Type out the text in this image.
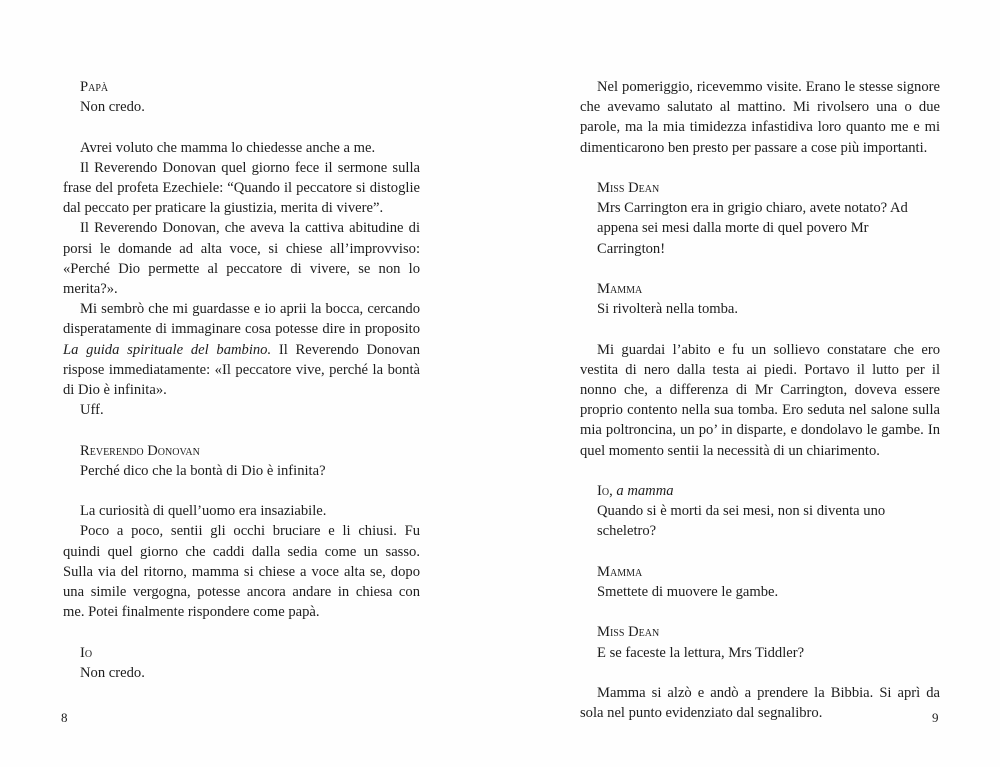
Papà

Non credo.

Avrei voluto che mamma lo chiedesse anche a me.

Il Reverendo Donovan quel giorno fece il sermone sulla frase del profeta Ezechiele: “Quando il peccatore si distoglie dal peccato per praticare la giustizia, merita di vivere”.

Il Reverendo Donovan, che aveva la cattiva abitudine di porsi le domande ad alta voce, si chiese all’improvviso: «Perché Dio permette al peccatore di vivere, se non lo merita?».

Mi sembrò che mi guardasse e io aprii la bocca, cercando disperatamente di immaginare cosa potesse dire in proposito La guida spirituale del bambino. Il Reverendo Donovan rispose immediatamente: «Il peccatore vive, perché la bontà di Dio è infinita».

Uff.

Reverendo Donovan

Perché dico che la bontà di Dio è infinita?

La curiosità di quell’uomo era insaziabile.

Poco a poco, sentii gli occhi bruciare e li chiusi. Fu quindi quel giorno che caddi dalla sedia come un sasso. Sulla via del ritorno, mamma si chiese a voce alta se, dopo una simile vergogna, potesse ancora andare in chiesa con me. Potei finalmente rispondere come papà.

Io

Non credo.

Nel pomeriggio, ricevemmo visite. Erano le stesse signore che avevamo salutato al mattino. Mi rivolsero una o due parole, ma la mia timidezza infastidiva loro quanto me e mi dimenticarono ben presto per passare a cose più importanti.

Miss Dean

Mrs Carrington era in grigio chiaro, avete notato? Ad appena sei mesi dalla morte di quel povero Mr Carrington!

Mamma

Si rivolterà nella tomba.

Mi guardai l’abito e fu un sollievo constatare che ero vestita di nero dalla testa ai piedi. Portavo il lutto per il nonno che, a differenza di Mr Carrington, doveva essere proprio contento nella sua tomba. Ero seduta nel salone sulla mia poltroncina, un po’ in disparte, e dondolavo le gambe. In quel momento sentii la necessità di un chiarimento.

Io, a mamma

Quando si è morti da sei mesi, non si diventa uno scheletro?

Mamma

Smettete di muovere le gambe.

Miss Dean

E se faceste la lettura, Mrs Tiddler?

Mamma si alzò e andò a prendere la Bibbia. Si aprì da sola nel punto evidenziato dal segnalibro.

8	9
